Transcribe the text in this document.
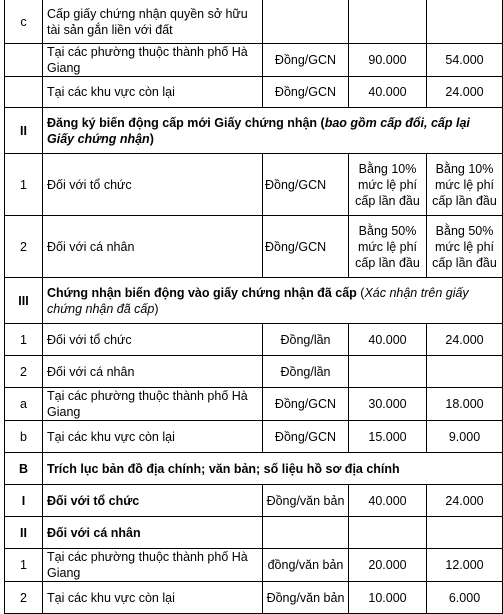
c	Cấp giấy chứng nhận quyền sở hữu tài sản gắn liền với đất			
	Tại các phường thuộc thành phố Hà Giang	Đồng/GCN	90.000	54.000
	Tại các khu vực còn lại	Đồng/GCN	40.000	24.000
II	Đăng ký biến động cấp mới Giấy chứng nhận (bao gồm cấp đổi, cấp lại Giấy chứng nhận)			
1	Đối với tổ chức	Đồng/GCN	Bằng 10% mức lệ phí cấp lần đầu	Bằng 10% mức lệ phí cấp lần đầu
2	Đối với cá nhân	Đồng/GCN	Bằng 50% mức lệ phí cấp lần đầu	Bằng 50% mức lệ phí cấp lần đầu
III	Chứng nhận biến động vào giấy chứng nhận đã cấp (Xác nhận trên giấy chứng nhận đã cấp)			
1	Đối với tổ chức	Đồng/lần	40.000	24.000
2	Đối với cá nhân	Đồng/lần		
a	Tại các phường thuộc thành phố Hà Giang	Đồng/GCN	30.000	18.000
b	Tại các khu vực còn lại	Đồng/GCN	15.000	9.000
B	Trích lục bản đồ địa chính; văn bản; số liệu hồ sơ địa chính			
I	Đối với tổ chức	Đồng/văn bản	40.000	24.000
II	Đối với cá nhân			
1	Tại các phường thuộc thành phố Hà Giang	đồng/văn bản	20.000	12.000
2	Tại các khu vực còn lại	Đồng/văn bản	10.000	6.000
